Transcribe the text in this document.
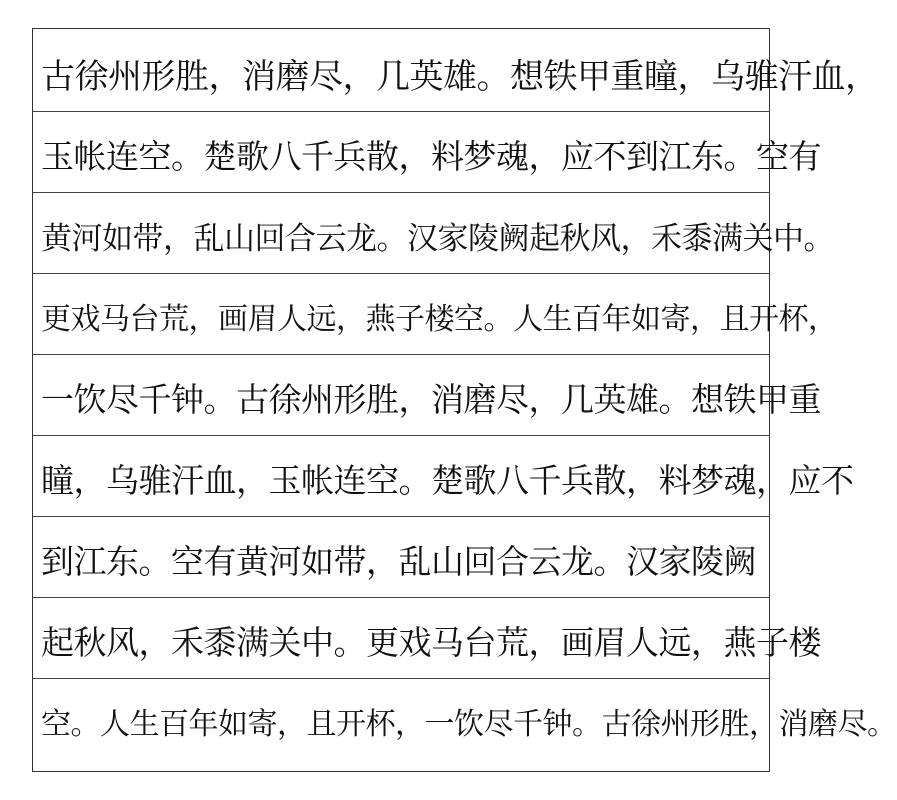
古徐州形胜，消磨尽，几英雄。想铁甲重瞳，乌骓汗血，
玉帐连空。楚歌八千兵散，料梦魂，应不到江东。空有
黄河如带，乱山回合云龙。汉家陵阙起秋风，禾黍满关中。
更戏马台荒，画眉人远，燕子楼空。人生百年如寄，且开杯，
一饮尽千钟。古徐州形胜，消磨尽，几英雄。想铁甲重
瞳，乌骓汗血，玉帐连空。楚歌八千兵散，料梦魂，应不
到江东。空有黄河如带，乱山回合云龙。汉家陵阙
起秋风，禾黍满关中。更戏马台荒，画眉人远，燕子楼
空。人生百年如寄，且开杯，一饮尽千钟。古徐州形胜，消磨尽。
